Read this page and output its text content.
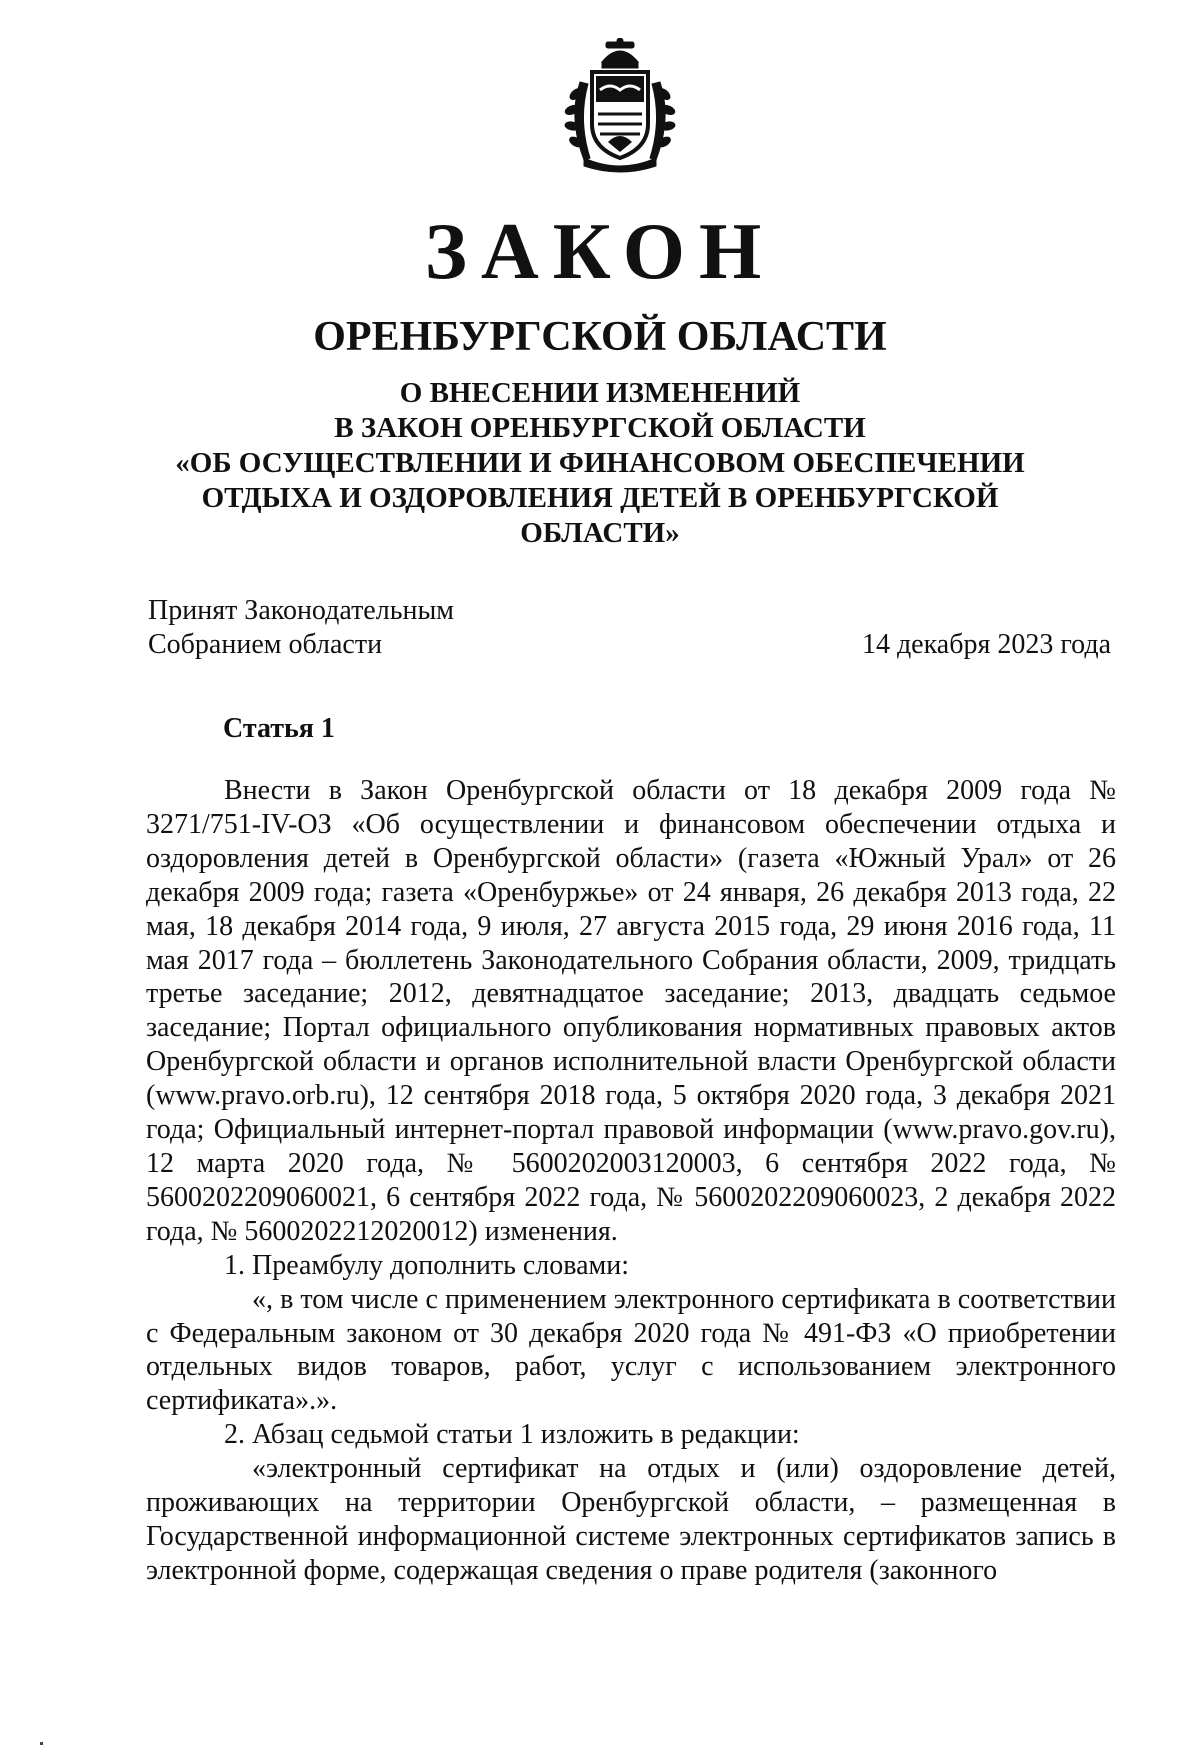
ЗАКОН
ОРЕНБУРГСКОЙ ОБЛАСТИ
О ВНЕСЕНИИ ИЗМЕНЕНИЙ
В ЗАКОН ОРЕНБУРГСКОЙ ОБЛАСТИ
«ОБ ОСУЩЕСТВЛЕНИИ И ФИНАНСОВОМ ОБЕСПЕЧЕНИИ
ОТДЫХА И ОЗДОРОВЛЕНИЯ ДЕТЕЙ В ОРЕНБУРГСКОЙ
ОБЛАСТИ»
Принят Законодательным
Собранием области	14 декабря 2023 года
Статья 1

Внести в Закон Оренбургской области от 18 декабря 2009 года № 3271/751-IV-ОЗ «Об осуществлении и финансовом обеспечении отдыха и оздоровления детей в Оренбургской области» (газета «Южный Урал» от 26 декабря 2009 года; газета «Оренбуржье» от 24 января, 26 декабря 2013 года, 22 мая, 18 декабря 2014 года, 9 июля, 27 августа 2015 года, 29 июня 2016 года, 11 мая 2017 года – бюллетень Законодательного Собрания области, 2009, тридцать третье заседание; 2012, девятнадцатое заседание; 2013, двадцать седьмое заседание; Портал официального опубликования нормативных правовых актов Оренбургской области и органов исполнительной власти Оренбургской области (www.pravo.orb.ru), 12 сентября 2018 года, 5 октября 2020 года, 3 декабря 2021 года; Официальный интернет-портал правовой информации (www.pravo.gov.ru), 12 марта 2020 года, № 5600202003120003, 6 сентября 2022 года, № 5600202209060021, 6 сентября 2022 года, № 5600202209060023, 2 декабря 2022 года, № 5600202212020012) изменения.

1. Преамбулу дополнить словами:

«, в том числе с применением электронного сертификата в соответствии с Федеральным законом от 30 декабря 2020 года № 491-ФЗ «О приобретении отдельных видов товаров, работ, услуг с использованием электронного сертификата».».

2. Абзац седьмой статьи 1 изложить в редакции:

«электронный сертификат на отдых и (или) оздоровление детей, проживающих на территории Оренбургской области, – размещенная в Государственной информационной системе электронных сертификатов запись в электронной форме, содержащая сведения о праве родителя (законного
